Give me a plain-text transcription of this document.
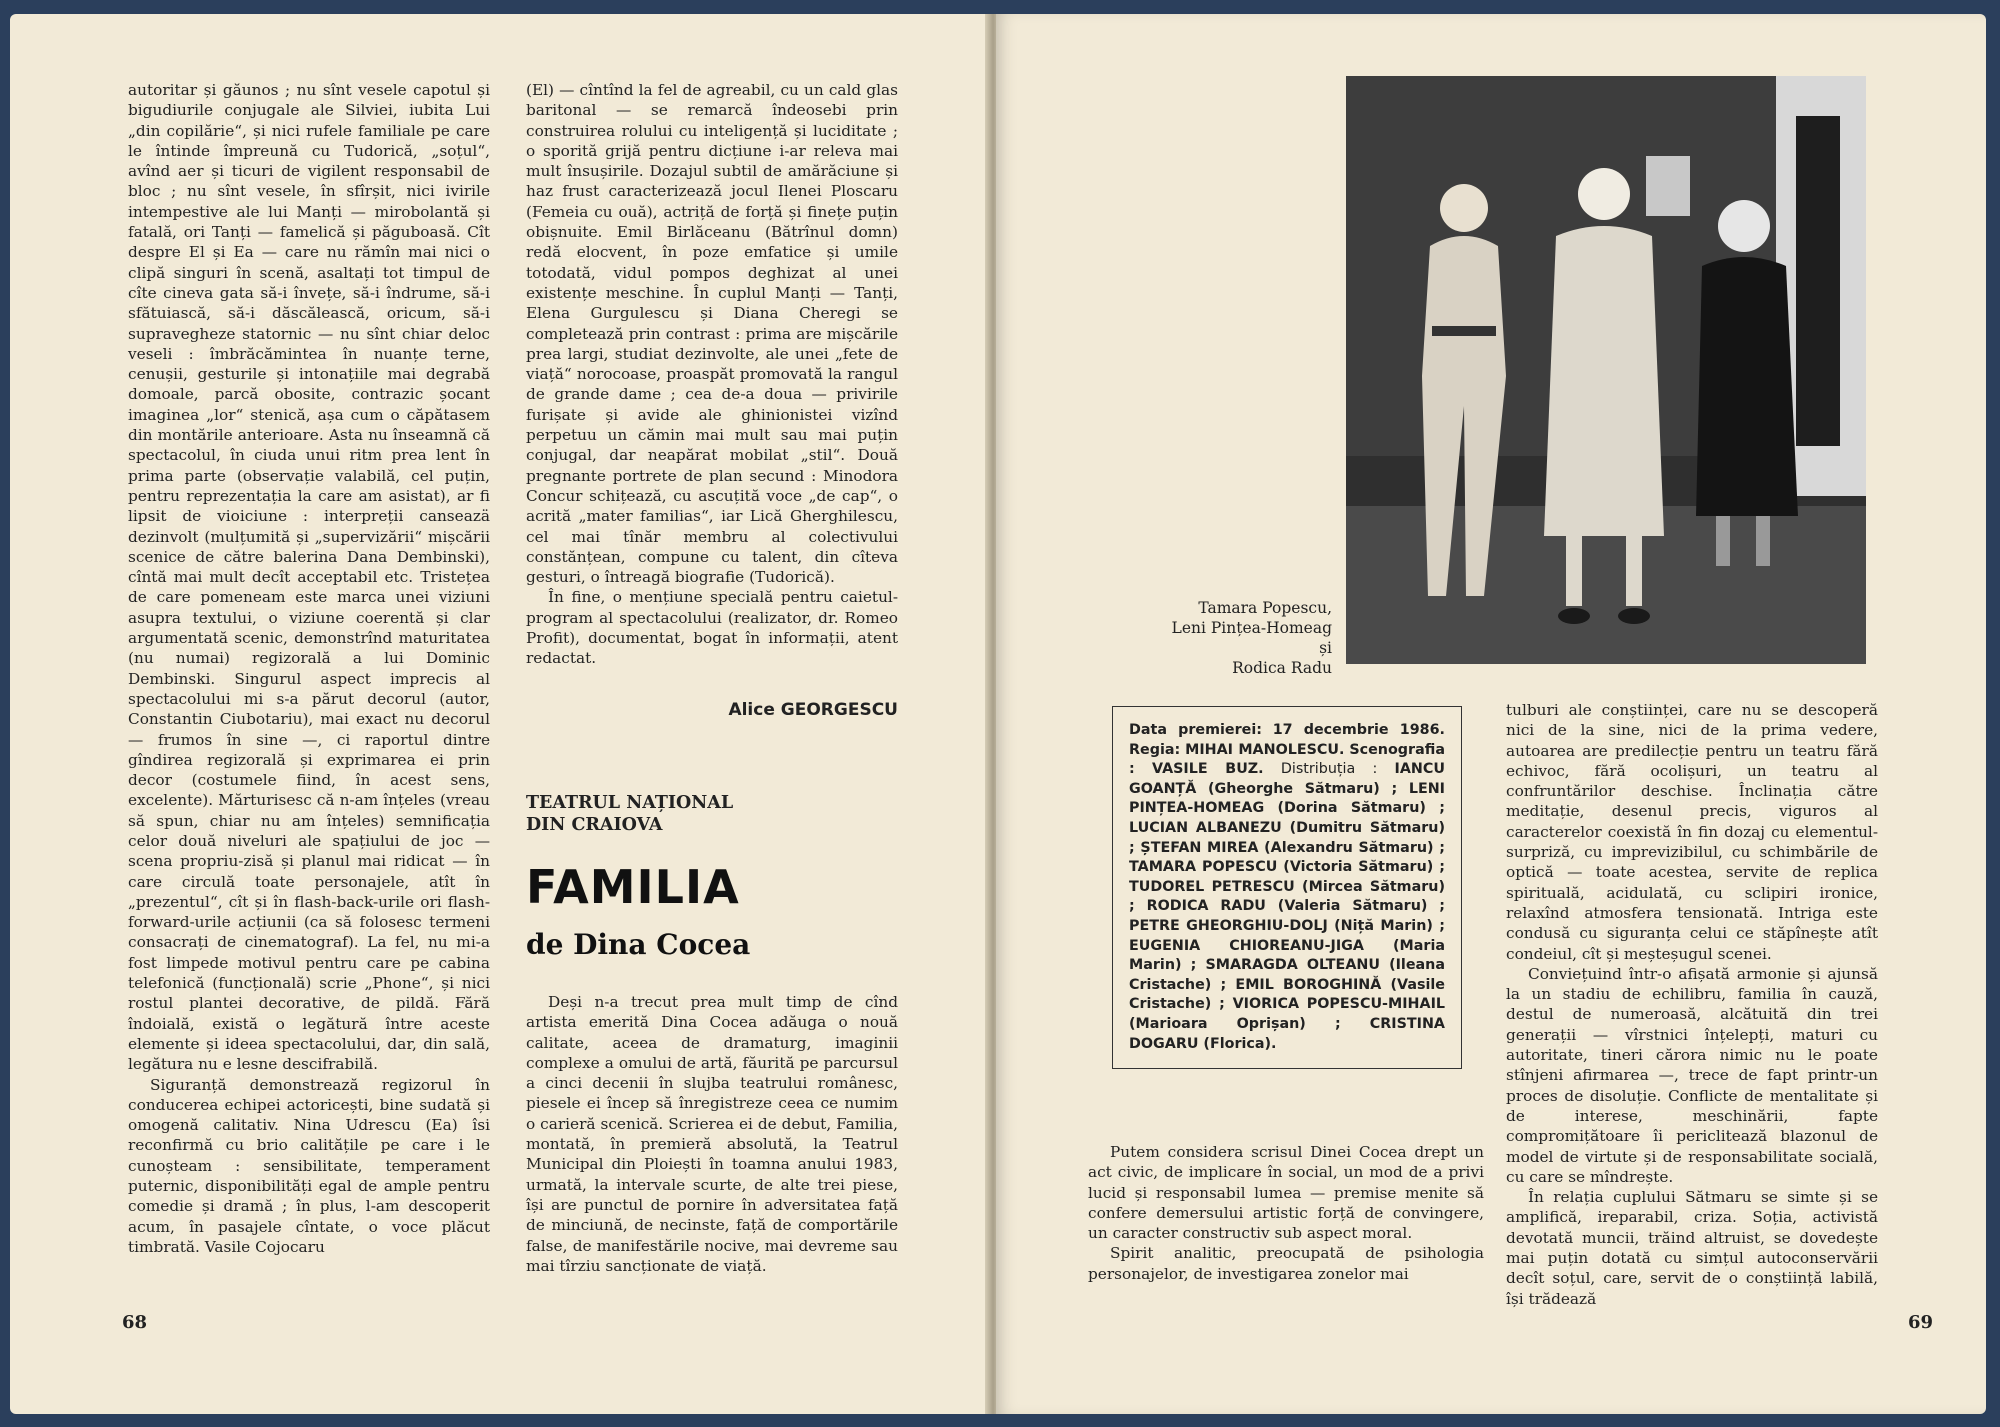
autoritar și găunos ; nu sînt vesele capotul și bigudiurile conjugale ale Silviei, iubita Lui „din copilărie“, și nici rufele familiale pe care le întinde împreună cu Tudorică, „soțul“, avînd aer și ticuri de vigilent responsabil de bloc ; nu sînt vesele, în sfîrșit, nici ivirile intempestive ale lui Manți — mirobolantă și fatală, ori Tanți — famelică și păguboasă. Cît despre El și Ea — care nu rămîn mai nici o clipă singuri în scenă, asaltați tot timpul de cîte cineva gata să-i învețe, să-i îndrume, să-i sfătuiască, să-i dăscălească, oricum, să-i supravegheze statornic — nu sînt chiar deloc veseli : îmbrăcămintea în nuanțe terne, cenușii, gesturile și intonațiile mai degrabă domoale, parcă obosite, contrazic șocant imaginea „lor“ stenică, așa cum o căpătasem din montările anterioare. Asta nu înseamnă că spectacolul, în ciuda unui ritm prea lent în prima parte (observație valabilă, cel puțin, pentru reprezentația la care am asistat), ar fi lipsit de vioiciune : interpreții canseazä dezinvolt (mulțumită și „supervizării“ mișcării scenice de către balerina Dana Dembinski), cîntă mai mult decît acceptabil etc. Tristețea de care pomeneam este marca unei viziuni asupra textului, o viziune coerentă și clar argumentată scenic, demonstrînd maturitatea (nu numai) regizorală a lui Dominic Dembinski. Singurul aspect imprecis al spectacolului mi s-a părut decorul (autor, Constantin Ciubotariu), mai exact nu decorul — frumos în sine —, ci raportul dintre gîndirea regizorală și exprimarea ei prin decor (costumele fiind, în acest sens, excelente). Mărturisesc că n-am înțeles (vreau să spun, chiar nu am înțeles) semnificația celor două niveluri ale spațiului de joc — scena propriu-zisă și planul mai ridicat — în care circulă toate personajele, atît în „prezentul“, cît și în flash-back-urile ori flash-forward-urile acțiunii (ca să folosesc termeni consacrați de cinematograf). La fel, nu mi-a fost limpede motivul pentru care pe cabina telefonică (funcțională) scrie „Phone“, și nici rostul plantei decorative, de pildă. Fără îndoială, există o legătură între aceste elemente și ideea spectacolului, dar, din sală, legătura nu e lesne descifrabilă.

Siguranță demonstrează regizorul în conducerea echipei actoricești, bine sudată și omogenă calitativ. Nina Udrescu (Ea) îsi reconfirmă cu brio calitățile pe care i le cunoșteam : sensibilitate, temperament puternic, disponibilități egal de ample pentru comedie și dramă ; în plus, l-am descoperit acum, în pasajele cîntate, o voce plăcut timbrată. Vasile Cojocaru

(El) — cîntînd la fel de agreabil, cu un cald glas baritonal — se remarcă îndeosebi prin construirea rolului cu inteligență și luciditate ; o sporită grijă pentru dicțiune i-ar releva mai mult însușirile. Dozajul subtil de amărăciune și haz frust caracterizează jocul Ilenei Ploscaru (Femeia cu ouă), actriță de forță și finețe puțin obișnuite. Emil Birlăceanu (Bătrînul domn) redă elocvent, în poze emfatice și umile totodată, vidul pompos deghizat al unei existențe meschine. În cuplul Manți — Tanți, Elena Gurgulescu și Diana Cheregi se completează prin contrast : prima are mișcările prea largi, studiat dezinvolte, ale unei „fete de viață“ norocoase, proaspăt promovată la rangul de grande dame ; cea de-a doua — privirile furișate și avide ale ghinionistei vizînd perpetuu un cămin mai mult sau mai puțin conjugal, dar neapărat mobilat „stil“. Două pregnante portrete de plan secund : Minodora Concur schițează, cu ascuțită voce „de cap“, o acrită „mater familias“, iar Lică Gherghilescu, cel mai tînăr membru al colectivului constănțean, compune cu talent, din cîteva gesturi, o întreagă biografie (Tudorică).

În fine, o mențiune specială pentru caietul-program al spectacolului (realizator, dr. Romeo Profit), documentat, bogat în informații, atent redactat.

Alice GEORGESCU
TEATRUL NAȚIONAL
DIN CRAIOVA
FAMILIA
de Dina Cocea

Deși n-a trecut prea mult timp de cînd artista emerită Dina Cocea adăuga o nouă calitate, aceea de dramaturg, imaginii complexe a omului de artă, făurită pe parcursul a cinci decenii în slujba teatrului românesc, piesele ei încep să înregistreze ceea ce numim o carieră scenică. Scrierea ei de debut, Familia, montată, în premieră absolută, la Teatrul Municipal din Ploiești în toamna anului 1983, urmată, la intervale scurte, de alte trei piese, își are punctul de pornire în adversitatea față de minciună, de necinste, față de comportările false, de manifestările nocive, mai devreme sau mai tîrziu sancționate de viață.

68
Tamara Popescu,
Leni Pințea-Homeag
și
Rodica Radu
Data premierei: 17 decembrie 1986. Regia: MIHAI MANOLESCU. Scenografia : VASILE BUZ. Distribuția : IANCU GOANȚĂ (Gheorghe Sătmaru) ; LENI PINȚEA-HOMEAG (Dorina Sătmaru) ; LUCIAN ALBANEZU (Dumitru Sătmaru) ; ȘTEFAN MIREA (Alexandru Sătmaru) ; TAMARA POPESCU (Victoria Sătmaru) ; TUDOREL PETRESCU (Mircea Sătmaru) ; RODICA RADU (Valeria Sătmaru) ; PETRE GHEORGHIU-DOLJ (Niță Marin) ; EUGENIA CHIOREANU-JIGA (Maria Marin) ; SMARAGDA OLTEANU (Ileana Cristache) ; EMIL BOROGHINĂ (Vasile Cristache) ; VIORICA POPESCU-MIHAIL (Marioara Oprișan) ; CRISTINA DOGARU (Florica).

Putem considera scrisul Dinei Cocea drept un act civic, de implicare în social, un mod de a privi lucid și responsabil lumea — premise menite să confere demersului artistic forță de convingere, un caracter constructiv sub aspect moral.

Spirit analitic, preocupată de psihologia personajelor, de investigarea zonelor mai

tulburi ale conștiinței, care nu se descoperă nici de la sine, nici de la prima vedere, autoarea are predilecție pentru un teatru fără echivoc, fără ocolișuri, un teatru al confruntărilor deschise. Înclinația către meditație, desenul precis, viguros al caracterelor coexistă în fin dozaj cu elementul-surpriză, cu imprevizibilul, cu schimbările de optică — toate acestea, servite de replica spirituală, acidulată, cu sclipiri ironice, relaxînd atmosfera tensionată. Intriga este condusă cu siguranța celui ce stăpînește atît condeiul, cît și meșteșugul scenei.

Conviețuind într-o afișată armonie și ajunsă la un stadiu de echilibru, familia în cauză, destul de numeroasă, alcătuită din trei generații — vîrstnici înțelepți, maturi cu autoritate, tineri cărora nimic nu le poate stînjeni afirmarea —, trece de fapt printr-un proces de disoluție. Conflicte de mentalitate și de interese, meschinării, fapte compromițătoare îi periclitează blazonul de model de virtute și de responsabilitate socială, cu care se mîndrește.

În relația cuplului Sătmaru se simte și se amplifică, ireparabil, criza. Soția, activistă devotată muncii, trăind altruist, se dovedește mai puțin dotată cu simțul autoconservării decît soțul, care, servit de o conștiință labilă, își trădează

69
